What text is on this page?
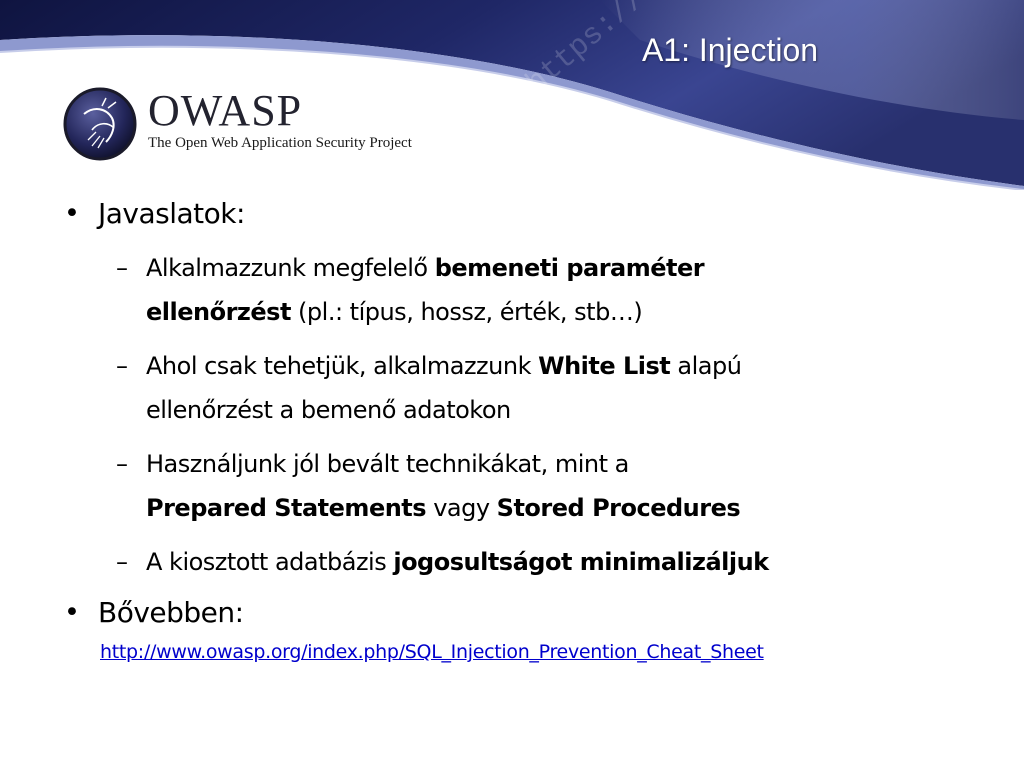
A1: Injection
OWASP
The Open Web Application Security Project
• Javaslatok:
– Alkalmazzunk megfelelő bemeneti paraméter
ellenőrzést (pl.: típus, hossz, érték, stb…)
– Ahol csak tehetjük, alkalmazzunk White List alapú
ellenőrzést a bemenő adatokon
– Használjunk jól bevált technikákat, mint a
Prepared Statements vagy Stored Procedures
– A kiosztott adatbázis jogosultságot minimalizáljuk
• Bővebben:
http://www.owasp.org/index.php/SQL_Injection_Prevention_Cheat_Sheet
